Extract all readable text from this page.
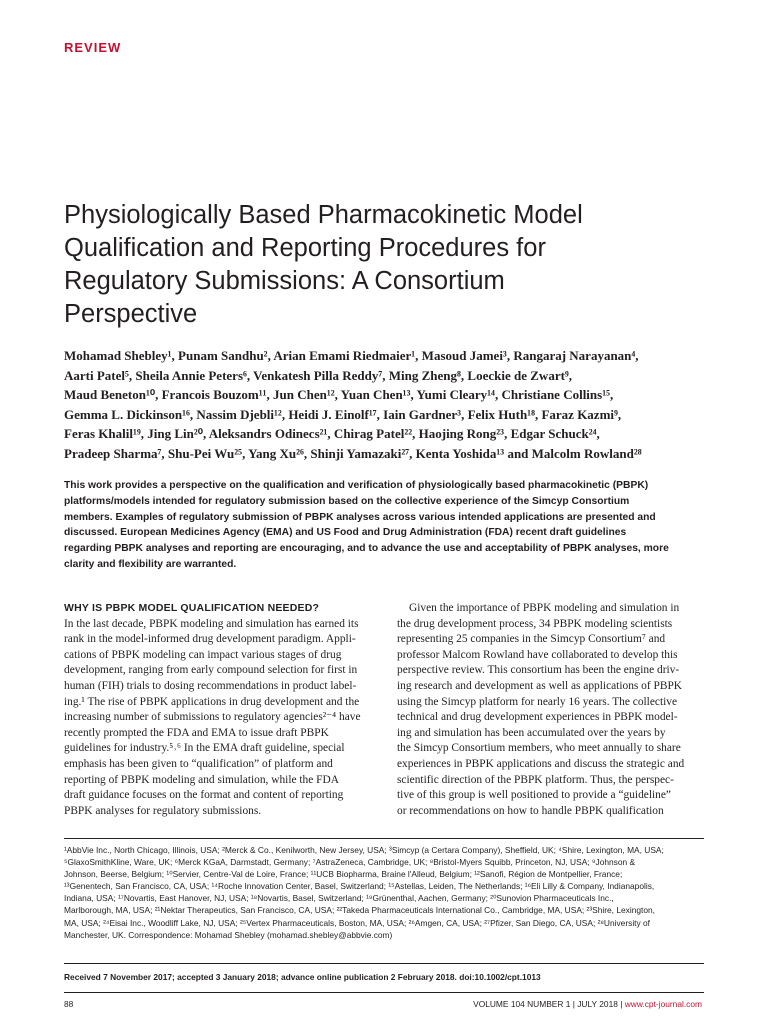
REVIEW
Physiologically Based Pharmacokinetic Model
Qualification and Reporting Procedures for
Regulatory Submissions: A Consortium
Perspective
Mohamad Shebley¹, Punam Sandhu², Arian Emami Riedmaier¹, Masoud Jamei³, Rangaraj Narayanan⁴,
Aarti Patel⁵, Sheila Annie Peters⁶, Venkatesh Pilla Reddy⁷, Ming Zheng⁸, Loeckie de Zwart⁹,
Maud Beneton¹⁰, Francois Bouzom¹¹, Jun Chen¹², Yuan Chen¹³, Yumi Cleary¹⁴, Christiane Collins¹⁵,
Gemma L. Dickinson¹⁶, Nassim Djebli¹², Heidi J. Einolf¹⁷, Iain Gardner³, Felix Huth¹⁸, Faraz Kazmi⁹,
Feras Khalil¹⁹, Jing Lin²⁰, Aleksandrs Odinecs²¹, Chirag Patel²², Haojing Rong²³, Edgar Schuck²⁴,
Pradeep Sharma⁷, Shu-Pei Wu²⁵, Yang Xu²⁶, Shinji Yamazaki²⁷, Kenta Yoshida¹³ and Malcolm Rowland²⁸
This work provides a perspective on the qualification and verification of physiologically based pharmacokinetic (PBPK)
platforms/models intended for regulatory submission based on the collective experience of the Simcyp Consortium
members. Examples of regulatory submission of PBPK analyses across various intended applications are presented and
discussed. European Medicines Agency (EMA) and US Food and Drug Administration (FDA) recent draft guidelines
regarding PBPK analyses and reporting are encouraging, and to advance the use and acceptability of PBPK analyses, more
clarity and flexibility are warranted.
WHY IS PBPK MODEL QUALIFICATION NEEDED?
In the last decade, PBPK modeling and simulation has earned its
rank in the model-informed drug development paradigm. Appli-
cations of PBPK modeling can impact various stages of drug
development, ranging from early compound selection for first in
human (FIH) trials to dosing recommendations in product label-
ing.¹ The rise of PBPK applications in drug development and the
increasing number of submissions to regulatory agencies²⁻⁴ have
recently prompted the FDA and EMA to issue draft PBPK
guidelines for industry.⁵˒⁶ In the EMA draft guideline, special
emphasis has been given to “qualification” of platform and
reporting of PBPK modeling and simulation, while the FDA
draft guidance focuses on the format and content of reporting
PBPK analyses for regulatory submissions.
Given the importance of PBPK modeling and simulation in
the drug development process, 34 PBPK modeling scientists
representing 25 companies in the Simcyp Consortium⁷ and
professor Malcom Rowland have collaborated to develop this
perspective review. This consortium has been the engine driv-
ing research and development as well as applications of PBPK
using the Simcyp platform for nearly 16 years. The collective
technical and drug development experiences in PBPK model-
ing and simulation has been accumulated over the years by
the Simcyp Consortium members, who meet annually to share
experiences in PBPK applications and discuss the strategic and
scientific direction of the PBPK platform. Thus, the perspec-
tive of this group is well positioned to provide a “guideline”
or recommendations on how to handle PBPK qualification
¹AbbVie Inc., North Chicago, Illinois, USA; ²Merck & Co., Kenilworth, New Jersey, USA; ³Simcyp (a Certara Company), Sheffield, UK; ⁴Shire, Lexington, MA, USA;
⁵GlaxoSmithKline, Ware, UK; ⁶Merck KGaA, Darmstadt, Germany; ⁷AstraZeneca, Cambridge, UK; ⁸Bristol-Myers Squibb, Princeton, NJ, USA; ⁹Johnson &
Johnson, Beerse, Belgium; ¹⁰Servier, Centre-Val de Loire, France; ¹¹UCB Biopharma, Braine l'Alleud, Belgium; ¹²Sanofi, Région de Montpellier, France;
¹³Genentech, San Francisco, CA, USA; ¹⁴Roche Innovation Center, Basel, Switzerland; ¹⁵Astellas, Leiden, The Netherlands; ¹⁶Eli Lilly & Company, Indianapolis,
Indiana, USA; ¹⁷Novartis, East Hanover, NJ, USA; ¹⁸Novartis, Basel, Switzerland; ¹⁹Grünenthal, Aachen, Germany; ²⁰Sunovion Pharmaceuticals Inc.,
Marlborough, MA, USA; ²¹Nektar Therapeutics, San Francisco, CA, USA; ²²Takeda Pharmaceuticals International Co., Cambridge, MA, USA; ²³Shire, Lexington,
MA, USA; ²⁴Eisai Inc., Woodliff Lake, NJ, USA; ²⁵Vertex Pharmaceuticals, Boston, MA, USA; ²⁶Amgen, CA, USA; ²⁷Pfizer, San Diego, CA, USA; ²⁸University of
Manchester, UK. Correspondence: Mohamad Shebley (mohamad.shebley@abbvie.com)
Received 7 November 2017; accepted 3 January 2018; advance online publication 2 February 2018. doi:10.1002/cpt.1013
88	VOLUME 104 NUMBER 1 | JULY 2018 | www.cpt-journal.com
